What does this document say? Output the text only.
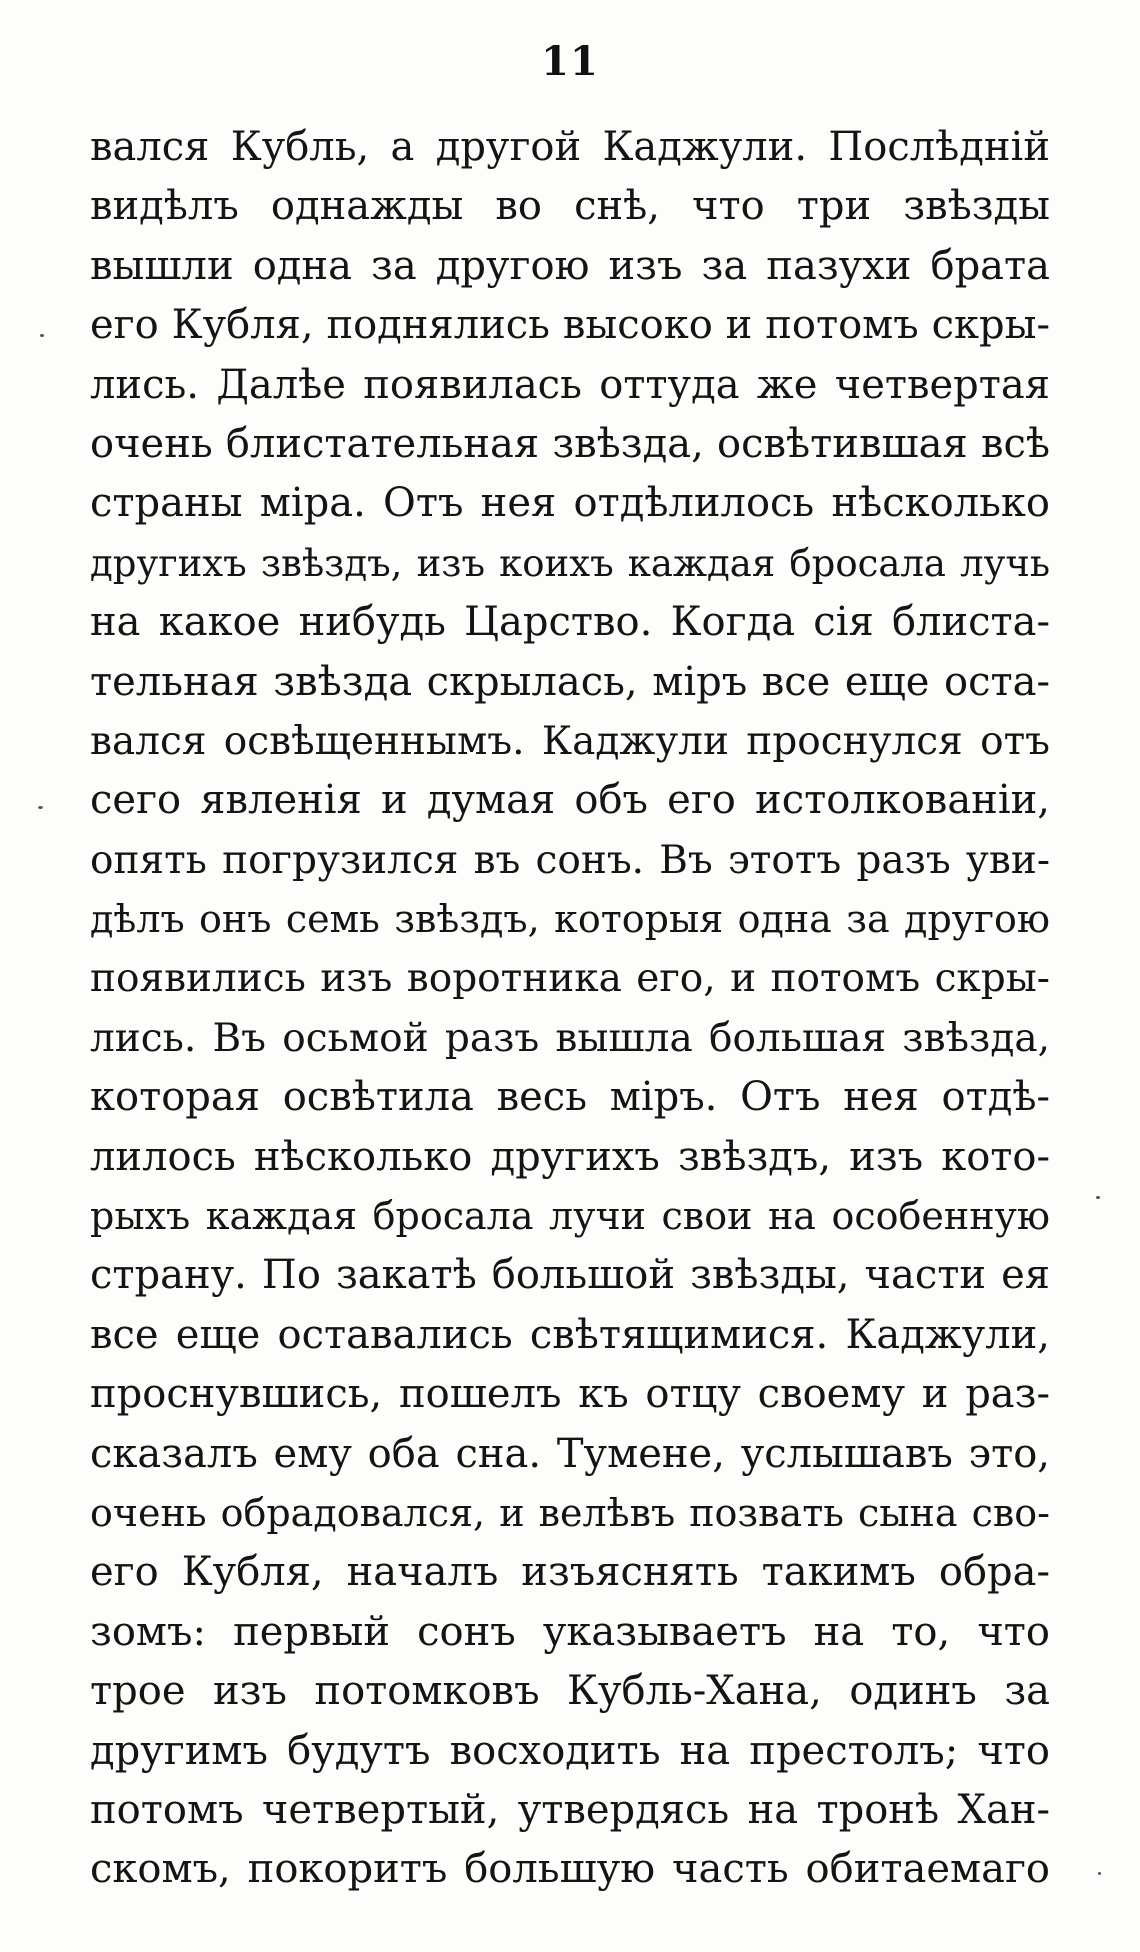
11
вался Кубль, а другой Каджули. Послѣдній
видѣлъ однажды во снѣ, что три звѣзды
вышли одна за другою изъ за пазухи брата
его Кубля, поднялись высоко и потомъ скры-
лись. Далѣе появилась оттуда же четвертая
очень блистательная звѣзда, освѣтившая всѣ
страны міра. Отъ нея отдѣлилось нѣсколько
другихъ звѣздъ, изъ коихъ каждая бросала лучь
на какое нибудь Царство. Когда сія блиста-
тельная звѣзда скрылась, міръ все еще оста-
вался освѣщеннымъ. Каджули проснулся отъ
сего явленія и думая объ его истолкованіи,
опять погрузился въ сонъ. Въ этотъ разъ уви-
дѣлъ онъ семь звѣздъ, которыя одна за другою
появились изъ воротника его, и потомъ скры-
лись. Въ осьмой разъ вышла большая звѣзда,
которая освѣтила весь міръ. Отъ нея отдѣ-
лилось нѣсколько другихъ звѣздъ, изъ кото-
рыхъ каждая бросала лучи свои на особенную
страну. По закатѣ большой звѣзды, части ея
все еще оставались свѣтящимися. Каджули,
проснувшись, пошелъ къ отцу своему и раз-
сказалъ ему оба сна. Тумене, услышавъ это,
очень обрадовался, и велѣвъ позвать сына сво-
его Кубля, началъ изъяснять такимъ обра-
зомъ: первый сонъ указываетъ на то, что
трое изъ потомковъ Кубль-Хана, одинъ за
другимъ будутъ восходить на престолъ; что
потомъ четвертый, утвердясь на тронѣ Хан-
скомъ, покоритъ большую часть обитаемаго
